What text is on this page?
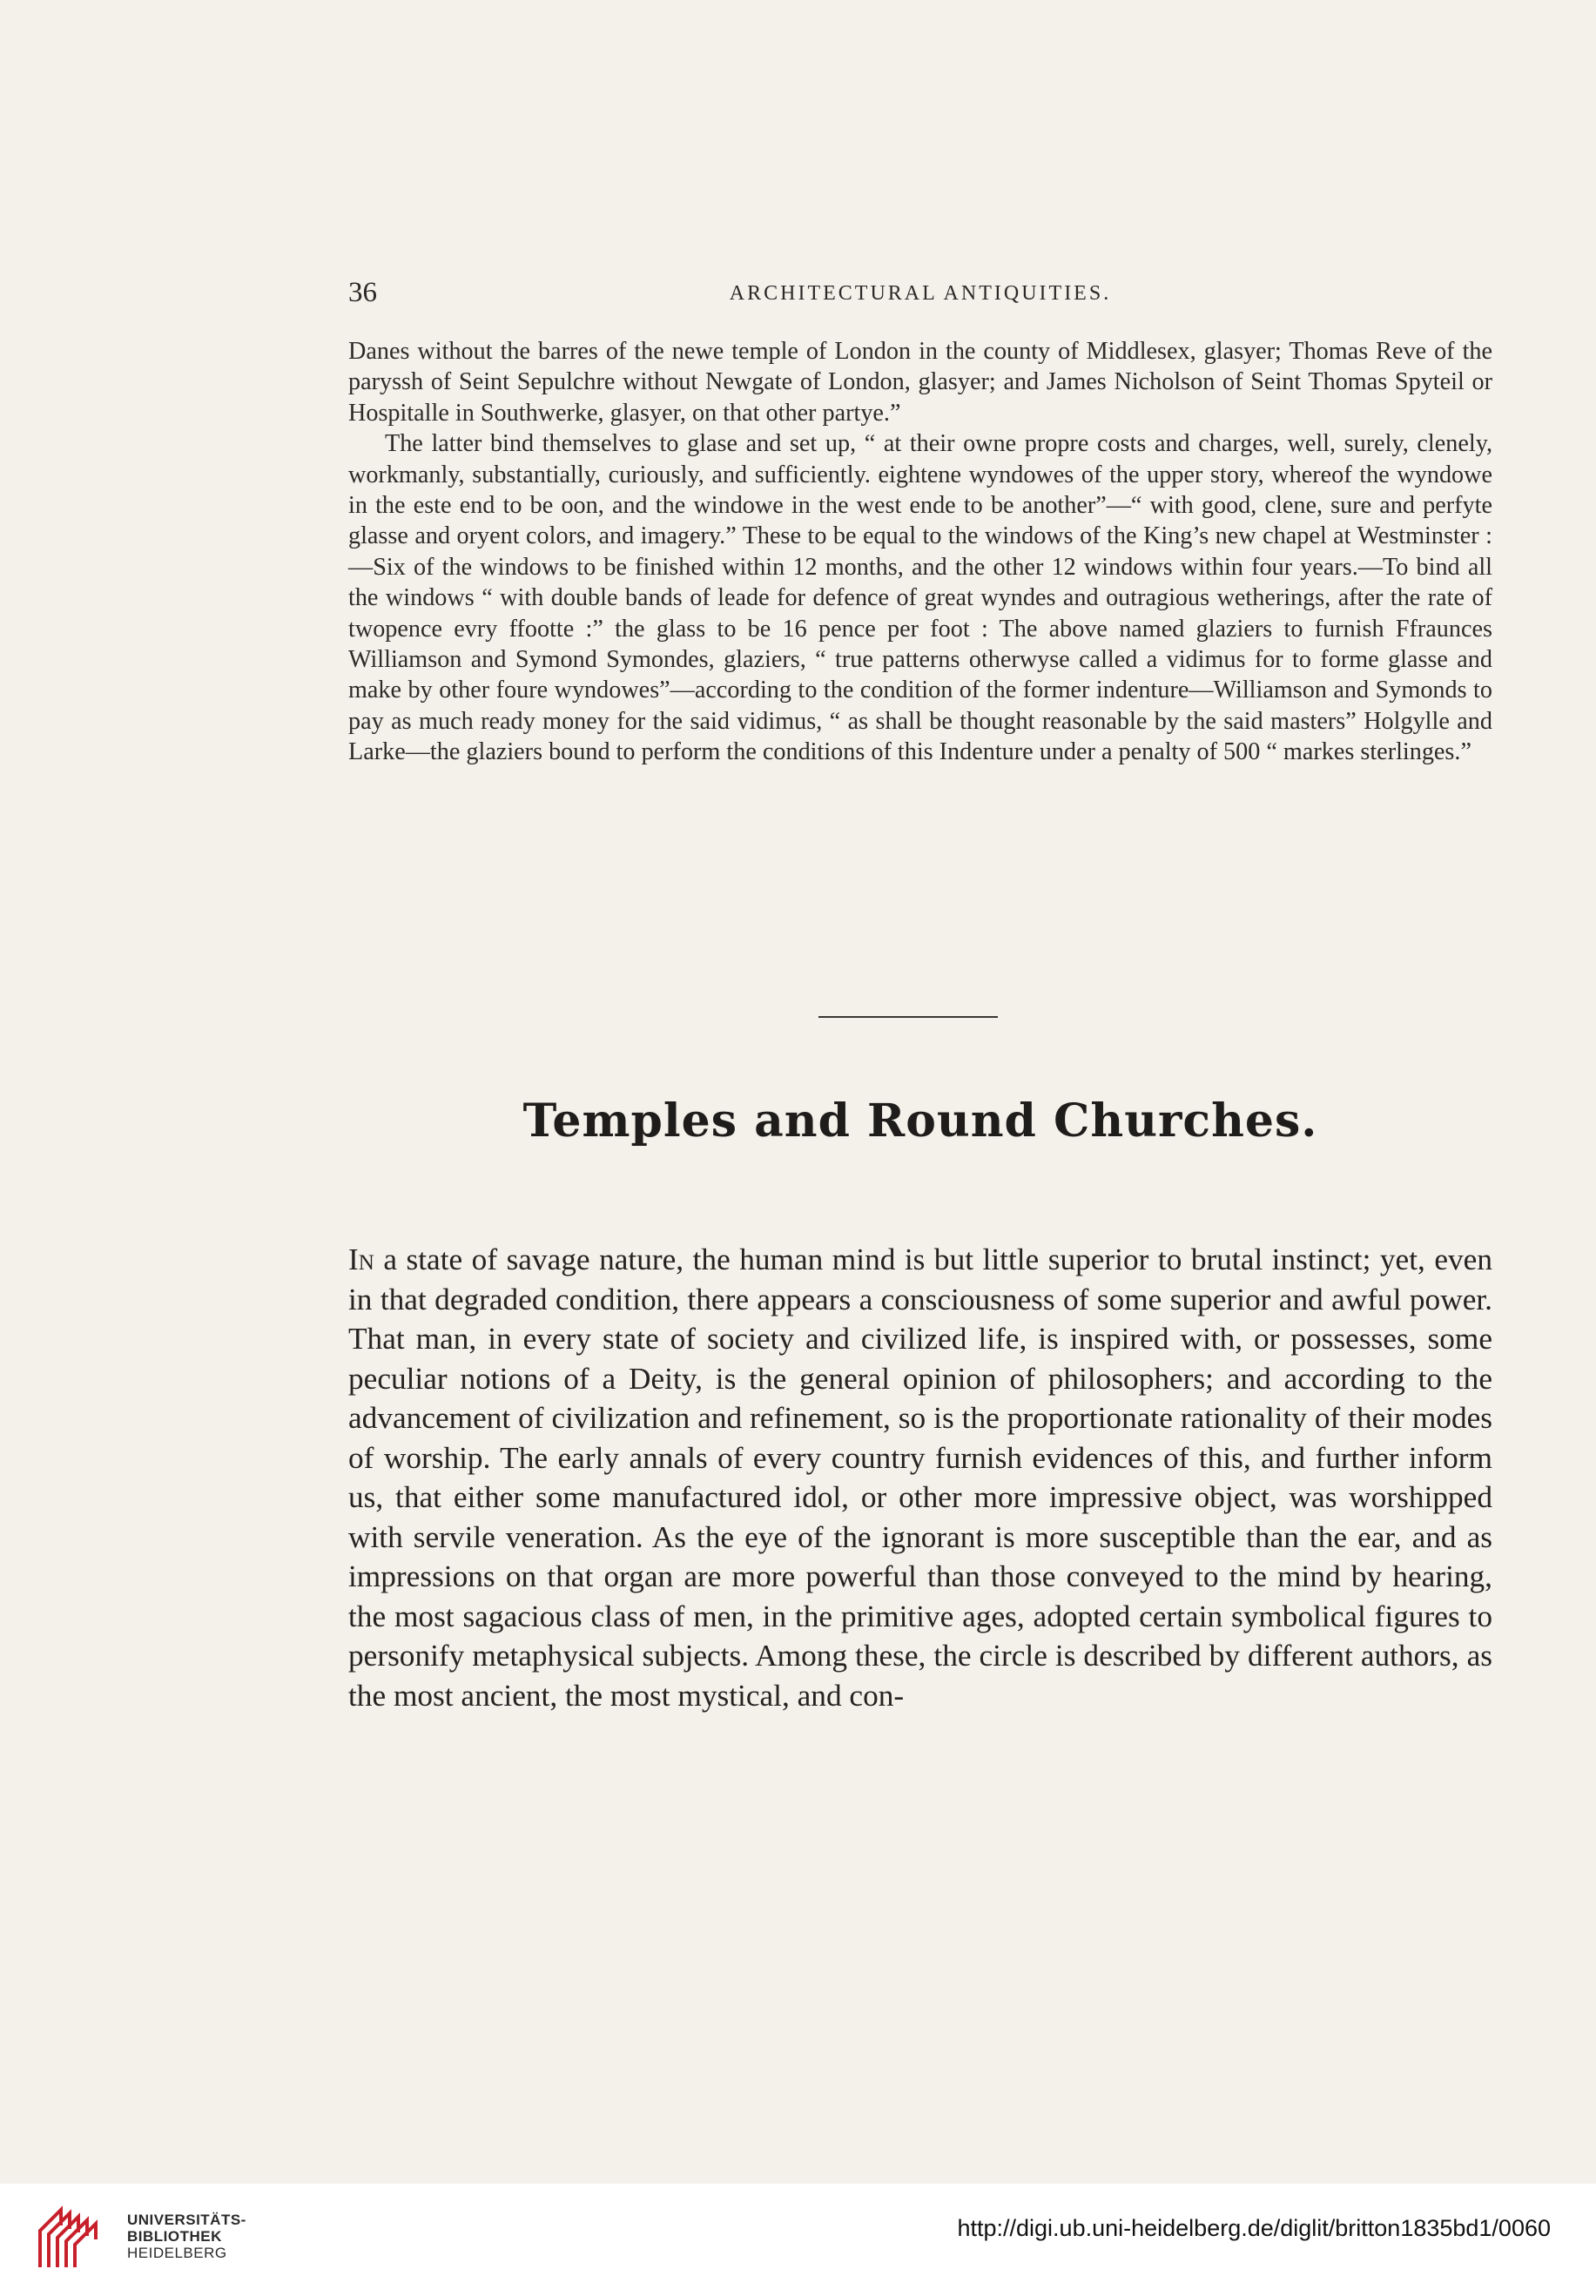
36	ARCHITECTURAL ANTIQUITIES.

Danes without the barres of the newe temple of London in the county of Middlesex, glasyer; Thomas Reve of the paryssh of Seint Sepulchre without Newgate of London, glasyer; and James Nicholson of Seint Thomas Spyteil or Hospitalle in Southwerke, glasyer, on that other partye.”

The latter bind themselves to glase and set up, “ at their owne propre costs and charges, well, surely, clenely, workmanly, substantially, curiously, and sufficiently. eightene wyndowes of the upper story, whereof the wyndowe in the este end to be oon, and the windowe in the west ende to be another”—“ with good, clene, sure and perfyte glasse and oryent colors, and imagery.” These to be equal to the windows of the King’s new chapel at Westminster :—Six of the windows to be finished within 12 months, and the other 12 windows within four years.—To bind all the windows “ with double bands of leade for defence of great wyndes and outragious wetherings, after the rate of twopence evry ffootte :” the glass to be 16 pence per foot : The above named glaziers to furnish Ffraunces Williamson and Symond Symondes, glaziers, “ true patterns otherwyse called a vidimus for to forme glasse and make by other foure wyndowes”—according to the condition of the former indenture—Williamson and Symonds to pay as much ready money for the said vidimus, “ as shall be thought reasonable by the said masters” Holgylle and Larke—the glaziers bound to perform the conditions of this Indenture under a penalty of 500 “ markes sterlinges.”

Temples and Round Churches.

In a state of savage nature, the human mind is but little superior to brutal instinct; yet, even in that degraded condition, there appears a consciousness of some superior and awful power. That man, in every state of society and civilized life, is inspired with, or possesses, some peculiar notions of a Deity, is the general opinion of philosophers; and according to the advancement of civilization and refinement, so is the proportionate rationality of their modes of worship. The early annals of every country furnish evidences of this, and further inform us, that either some manufactured idol, or other more impressive object, was worshipped with servile veneration. As the eye of the ignorant is more susceptible than the ear, and as impressions on that organ are more powerful than those conveyed to the mind by hearing, the most sagacious class of men, in the primitive ages, adopted certain symbolical figures to personify metaphysical subjects. Among these, the circle is described by different authors, as the most ancient, the most mystical, and con-

UNIVERSITÄTS-
BIBLIOTHEK
HEIDELBERG
http://digi.ub.uni-heidelberg.de/diglit/britton1835bd1/0060
